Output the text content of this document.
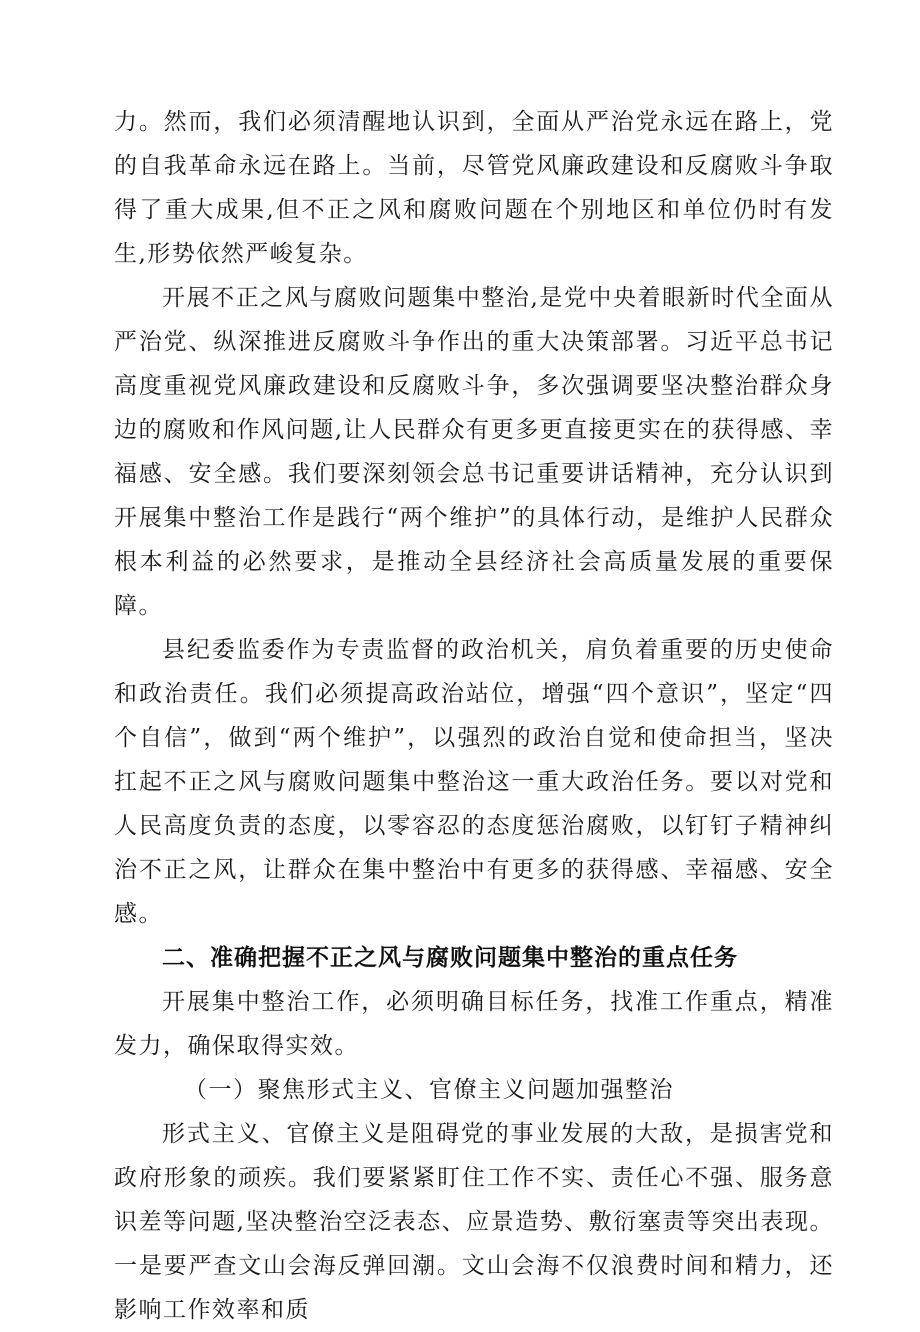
力。然而，我们必须清醒地认识到，全面从严治党永远在路上，党的自我革命永远在路上。当前，尽管党风廉政建设和反腐败斗争取得了重大成果,但不正之风和腐败问题在个别地区和单位仍时有发生,形势依然严峻复杂。

开展不正之风与腐败问题集中整治,是党中央着眼新时代全面从严治党、纵深推进反腐败斗争作出的重大决策部署。习近平总书记高度重视党风廉政建设和反腐败斗争，多次强调要坚决整治群众身边的腐败和作风问题,让人民群众有更多更直接更实在的获得感、幸福感、安全感。我们要深刻领会总书记重要讲话精神，充分认识到开展集中整治工作是践行“两个维护”的具体行动，是维护人民群众根本利益的必然要求，是推动全县经济社会高质量发展的重要保障。

县纪委监委作为专责监督的政治机关，肩负着重要的历史使命和政治责任。我们必须提高政治站位，增强“四个意识”，坚定“四个自信”，做到“两个维护”，以强烈的政治自觉和使命担当，坚决扛起不正之风与腐败问题集中整治这一重大政治任务。要以对党和人民高度负责的态度，以零容忍的态度惩治腐败，以钉钉子精神纠治不正之风，让群众在集中整治中有更多的获得感、幸福感、安全感。

二、准确把握不正之风与腐败问题集中整治的重点任务

开展集中整治工作，必须明确目标任务，找准工作重点，精准发力，确保取得实效。

（一）聚焦形式主义、官僚主义问题加强整治

形式主义、官僚主义是阻碍党的事业发展的大敌，是损害党和政府形象的顽疾。我们要紧紧盯住工作不实、责任心不强、服务意识差等问题,坚决整治空泛表态、应景造势、敷衍塞责等突出表现。一是要严查文山会海反弹回潮。文山会海不仅浪费时间和精力，还影响工作效率和质
